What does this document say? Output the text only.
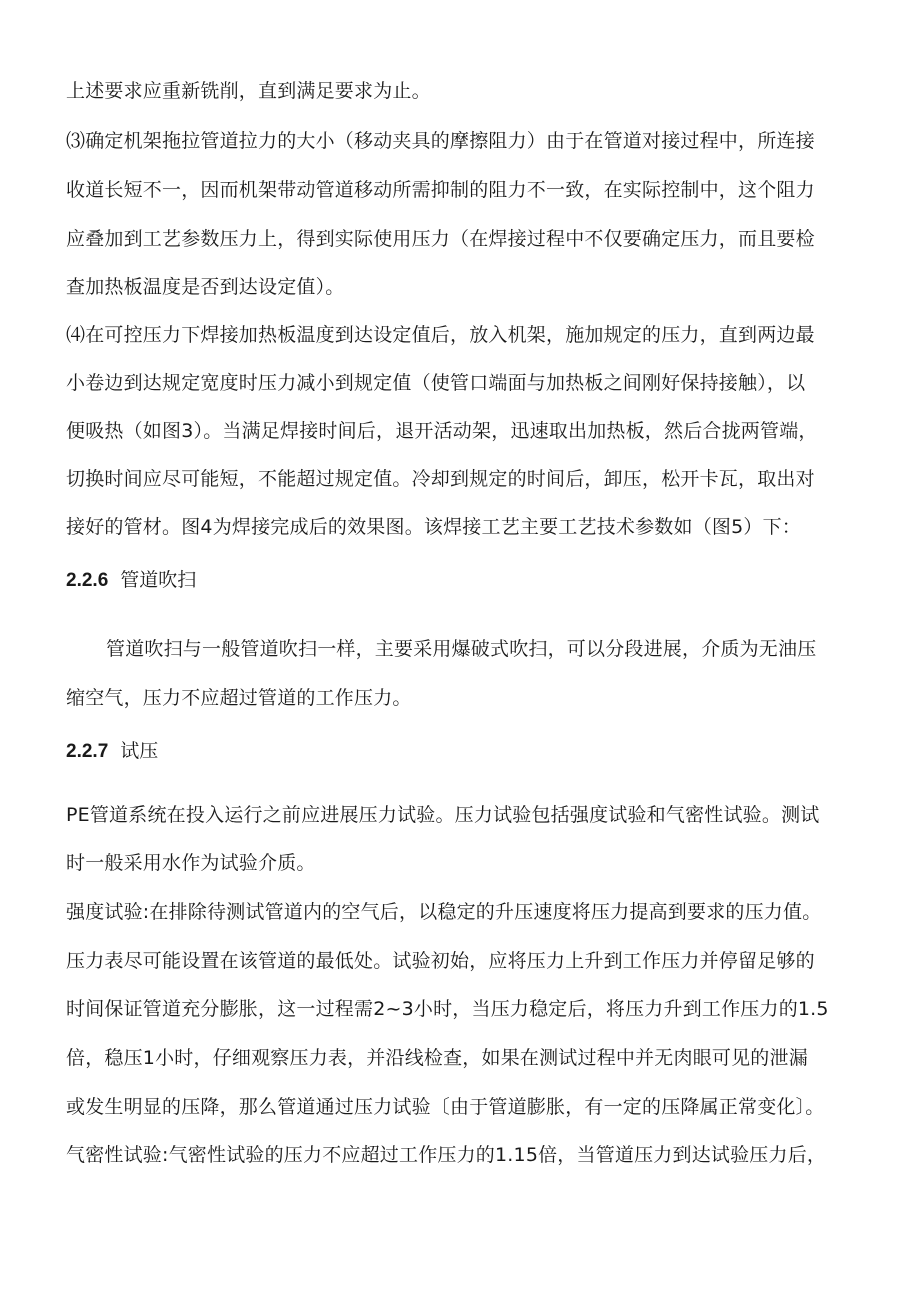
上述要求应重新铣削，直到满足要求为止。
⑶确定机架拖拉管道拉力的大小（移动夹具的摩擦阻力）由于在管道对接过程中，所连接
收道长短不一，因而机架带动管道移动所需抑制的阻力不一致，在实际控制中，这个阻力
应叠加到工艺参数压力上，得到实际使用压力（在焊接过程中不仅要确定压力，而且要检
查加热板温度是否到达设定值）。
⑷在可控压力下焊接加热板温度到达设定值后，放入机架，施加规定的压力，直到两边最
小卷边到达规定宽度时压力减小到规定值（使管口端面与加热板之间刚好保持接触），以
便吸热（如图3）。当满足焊接时间后，退开活动架，迅速取出加热板，然后合拢两管端，
切换时间应尽可能短，不能超过规定值。冷却到规定的时间后，卸压，松开卡瓦，取出对
接好的管材。图4为焊接完成后的效果图。该焊接工艺主要工艺技术参数如（图5）下：
2.2.6 管道吹扫
管道吹扫与一般管道吹扫一样，主要采用爆破式吹扫，可以分段进展，介质为无油压
缩空气，压力不应超过管道的工作压力。
2.2.7 试压
PE管道系统在投入运行之前应进展压力试验。压力试验包括强度试验和气密性试验。测试
时一般采用水作为试验介质。
强度试验:在排除待测试管道内的空气后，以稳定的升压速度将压力提高到要求的压力值。
压力表尽可能设置在该管道的最低处。试验初始，应将压力上升到工作压力并停留足够的
时间保证管道充分膨胀，这一过程需2~3小时，当压力稳定后，将压力升到工作压力的1.5
倍，稳压1小时，仔细观察压力表，并沿线检查，如果在测试过程中并无肉眼可见的泄漏
或发生明显的压降，那么管道通过压力试验〔由于管道膨胀，有一定的压降属正常变化〕。
气密性试验:气密性试验的压力不应超过工作压力的1.15倍，当管道压力到达试验压力后，
